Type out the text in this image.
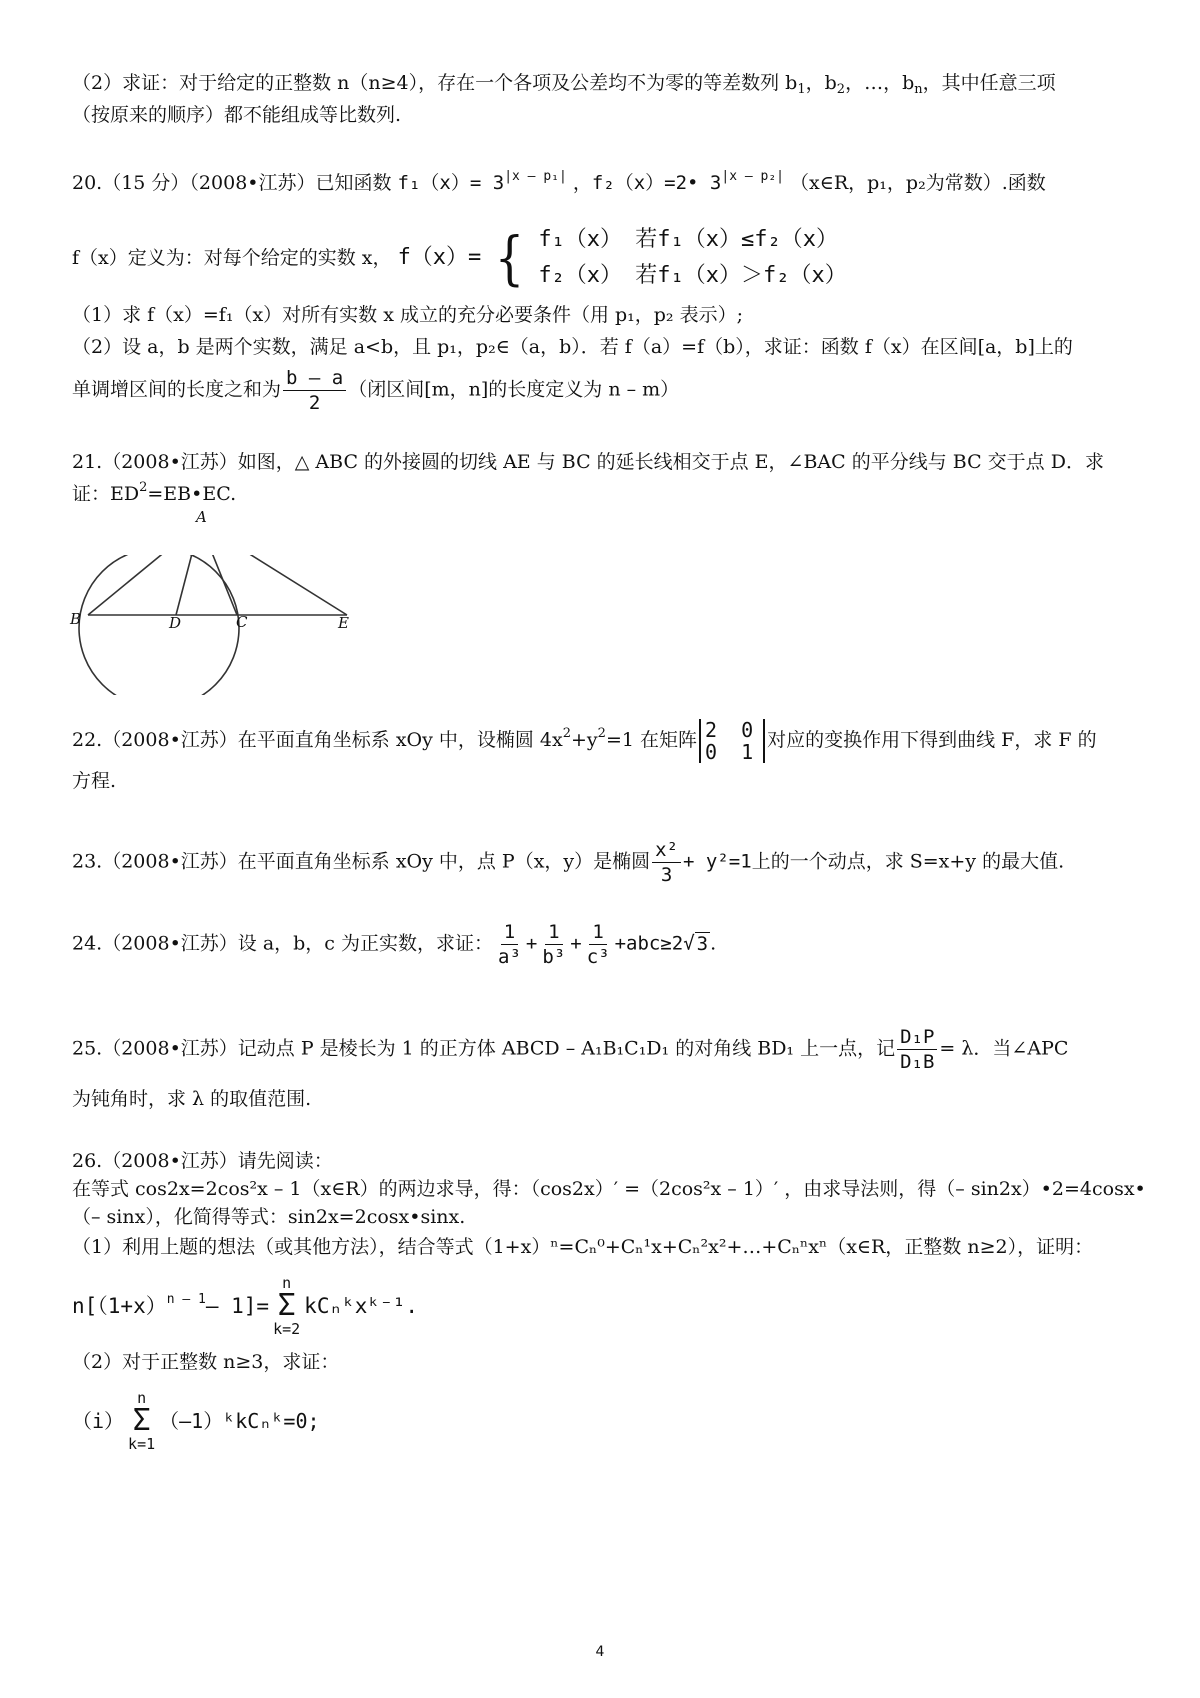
（2）求证：对于给定的正整数 n（n≥4），存在一个各项及公差均不为零的等差数列 $b_1$，$b_2$，…，$b_n$，其中任意三项
（按原来的顺序）都不能组成等比数列.
20.（15 分）（2008•江苏）已知函数 $f_1(x)= 3^{|x - p_1|}$ ，f₂（x）=2• $3^{|x - p_2|}$ （x∈R，p₁，p₂为常数）.函数
f（x）定义为：对每个给定的实数 x， f（x）= { f₁（x） 若f₁（x）≤f₂（x）
f₂（x） 若f₁（x）＞f₂（x）
（1）求 f（x）=f₁（x）对所有实数 x 成立的充分必要条件（用 p₁，p₂ 表示）;
（2）设 a，b 是两个实数，满足 a<b，且 p₁，p₂∈（a，b）．若 f（a）=f（b），求证：函数 f（x）在区间[a，b]上的
单调增区间的长度之和为 $\frac{b - a}{2}$ （闭区间[m，n]的长度定义为 n – m）
21.（2008•江苏）如图，△ ABC 的外接圆的切线 AE 与 BC 的延长线相交于点 E，∠BAC 的平分线与 BC 交于点 D．求
证：$ED^2=EB•EC$.
A
B	D	C	E
22.（2008•江苏）在平面直角坐标系 xOy 中，设椭圆 $4x^2+y^2=1$ 在矩阵 2 0
0 1 对应的变换作用下得到曲线 F，求 F 的
方程.
23.（2008•江苏）在平面直角坐标系 xOy 中，点 P（x，y）是椭圆 $\frac{\text{x²}}{3} + y^2=1$上的一个动点，求 S=x+y 的最大值.
24.（2008•江苏）设 a，b，c 为正实数，求证： $\frac{1}{\text{a³}} + \frac{1}{\text{b³}} + \frac{1}{\text{c³}} +abc\ge 2√$ 3 .
25.（2008•江苏）记动点 P 是棱长为 1 的正方体 ABCD – A₁B₁C₁D₁ 的对角线 BD₁ 上一点，记 $\frac{\text{D₁P}}{\text{D₁B}} = \lambda$．当∠APC
为钝角时，求 λ 的取值范围.
26.（2008•江苏）请先阅读：
在等式 cos2x=2cos²x – 1（x∈R）的两边求导，得：（cos2x）′ =（2cos²x – 1）′ ，由求导法则，得（– sin2x）•2=4cosx•
（– sinx），化简得等式：sin2x=2cosx•sinx.
（1）利用上题的想法（或其他方法），结合等式（1+x）ⁿ=Cₙ⁰+Cₙ¹x+Cₙ²x²+…+Cₙⁿxⁿ（x∈R，正整数 n≥2），证明：
$n[(1+x)^{n - 1}-$ 1]=
n
Σ
k=2
kCₙᵏxᵏ⁻¹.
（2）对于正整数 n≥3，求证：
（i）
n
Σ
k=1
（–1）ᵏkCₙᵏ=0;
4
